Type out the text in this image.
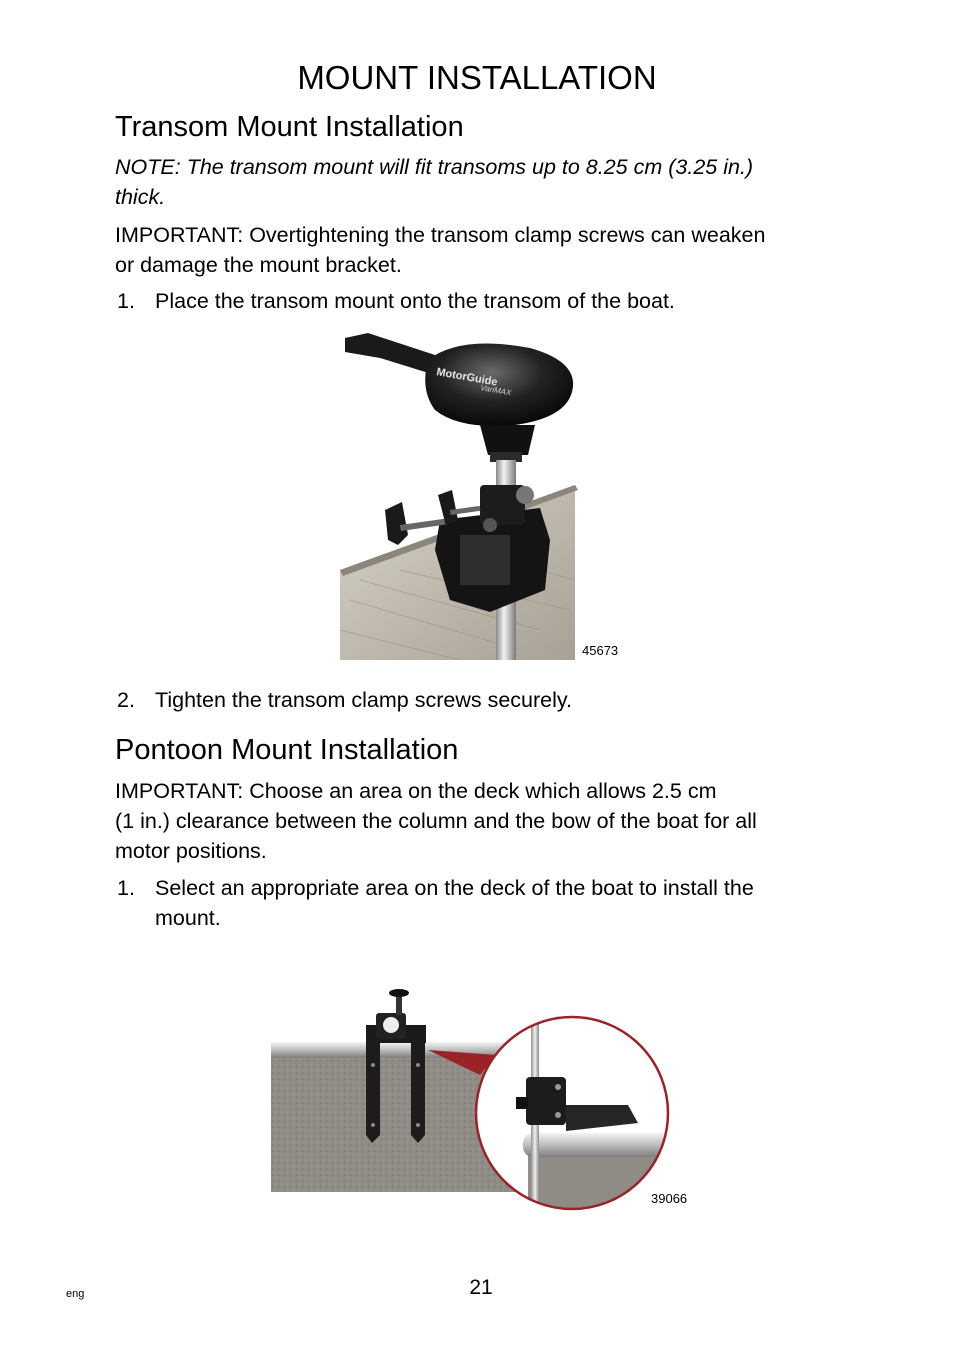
MOUNT INSTALLATION
Transom Mount Installation
NOTE: The transom mount will fit transoms up to 8.25 cm (3.25 in.)
thick.
IMPORTANT: Overtightening the transom clamp screws can weaken
or damage the mount bracket.
1. Place the transom mount onto the transom of the boat.
MotorGuide
VariMAX
45673
2. Tighten the transom clamp screws securely.
Pontoon Mount Installation
IMPORTANT: Choose an area on the deck which allows 2.5 cm
(1 in.) clearance between the column and the bow of the boat for all
motor positions.
1. Select an appropriate area on the deck of the boat to install the
mount.
39066
eng	21
